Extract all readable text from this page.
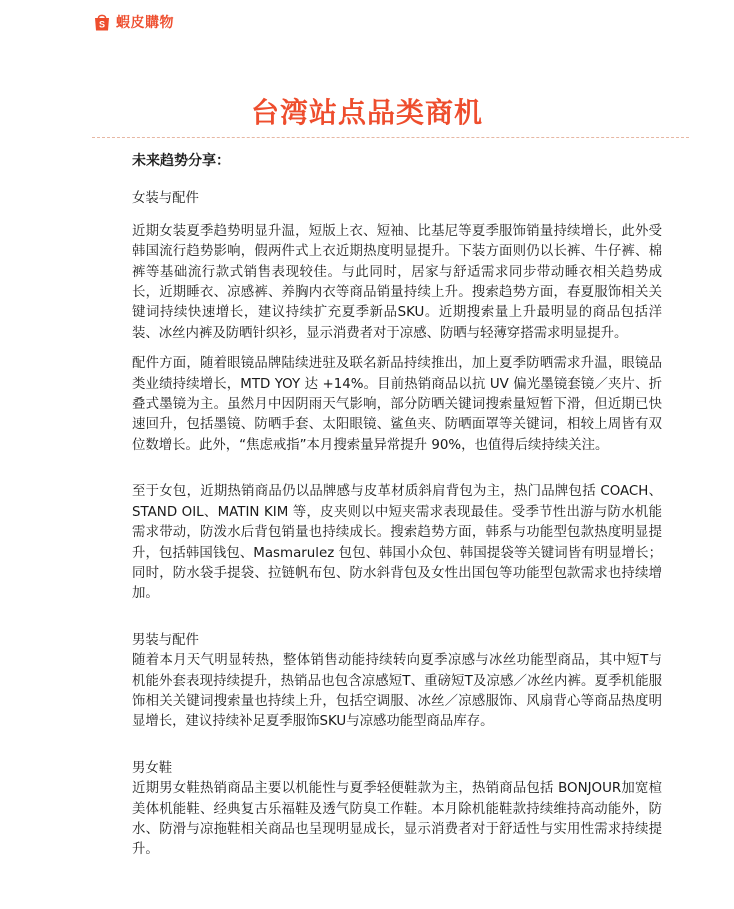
S 蝦皮購物
台湾站点品类商机

未来趋势分享：

女装与配件

近期女装夏季趋势明显升温，短版上衣、短袖、比基尼等夏季服饰销量持续增长，此外受韩国流行趋势影响，假两件式上衣近期热度明显提升。下装方面则仍以长裤、牛仔裤、棉裤等基础流行款式销售表现较佳。与此同时，居家与舒适需求同步带动睡衣相关趋势成长，近期睡衣、凉感裤、养胸内衣等商品销量持续上升。搜索趋势方面，春夏服饰相关关键词持续快速增长，建议持续扩充夏季新品SKU。近期搜索量上升最明显的商品包括洋装、冰丝内裤及防晒针织衫，显示消费者对于凉感、防晒与轻薄穿搭需求明显提升。

配件方面，随着眼镜品牌陆续进驻及联名新品持续推出，加上夏季防晒需求升温，眼镜品类业绩持续增长，MTD YOY 达 +14%。目前热销商品以抗 UV 偏光墨镜套镜／夹片、折叠式墨镜为主。虽然月中因阴雨天气影响，部分防晒关键词搜索量短暂下滑，但近期已快速回升，包括墨镜、防晒手套、太阳眼镜、鲨鱼夹、防晒面罩等关键词，相较上周皆有双位数增长。此外，“焦虑戒指”本月搜索量异常提升 90%，也值得后续持续关注。

至于女包，近期热销商品仍以品牌感与皮革材质斜肩背包为主，热门品牌包括 COACH、STAND OIL、MATIN KIM 等，皮夹则以中短夹需求表现最佳。受季节性出游与防水机能需求带动，防泼水后背包销量也持续成长。搜索趋势方面，韩系与功能型包款热度明显提升，包括韩国钱包、Masmarulez 包包、韩国小众包、韩国提袋等关键词皆有明显增长；同时，防水袋手提袋、拉链帆布包、防水斜背包及女性出国包等功能型包款需求也持续增加。

男装与配件

随着本月天气明显转热，整体销售动能持续转向夏季凉感与冰丝功能型商品，其中短T与机能外套表现持续提升，热销品也包含凉感短T、重磅短T及凉感／冰丝内裤。夏季机能服饰相关关键词搜索量也持续上升，包括空调服、冰丝／凉感服饰、风扇背心等商品热度明显增长，建议持续补足夏季服饰SKU与凉感功能型商品库存。

男女鞋

近期男女鞋热销商品主要以机能性与夏季轻便鞋款为主，热销商品包括 BONJOUR加宽楦美体机能鞋、经典复古乐福鞋及透气防臭工作鞋。本月除机能鞋款持续维持高动能外，防水、防滑与凉拖鞋相关商品也呈现明显成长，显示消费者对于舒适性与实用性需求持续提升。
